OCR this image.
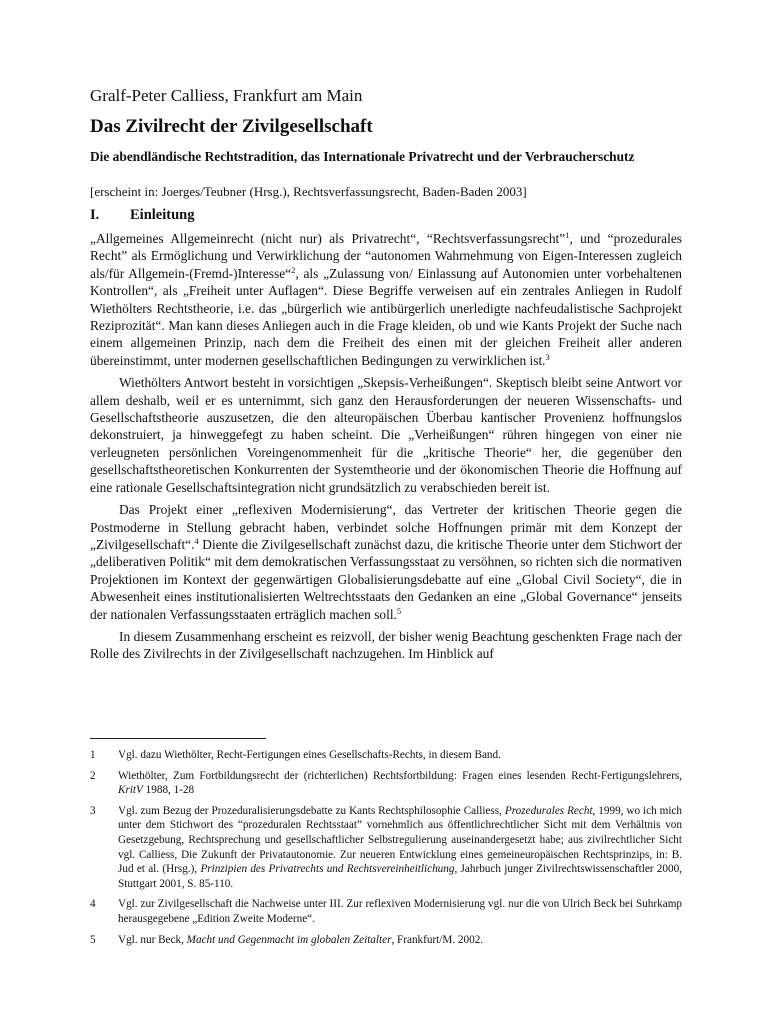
Gralf-Peter Calliess, Frankfurt am Main
Das Zivilrecht der Zivilgesellschaft
Die abendländische Rechtstradition, das Internationale Privatrecht und der Verbraucherschutz
[erscheint in: Joerges/Teubner (Hrsg.), Rechtsverfassungsrecht, Baden-Baden 2003]
I. Einleitung

„Allgemeines Allgemeinrecht (nicht nur) als Privatrecht“, “Rechtsverfassungsrecht”$^1$, und “prozedurales Recht” als Ermöglichung und Verwirklichung der “autonomen Wahrnehmung von Eigen-Interessen zugleich als/für Allgemein-(Fremd-)Interesse“$^2$, als „Zulassung von/ Einlassung auf Autonomien unter vorbehaltenen Kontrollen“, als „Freiheit unter Auflagen“. Diese Begriffe verweisen auf ein zentrales Anliegen in Rudolf Wiethölters Rechtstheorie, i.e. das „bürgerlich wie antibürgerlich unerledigte nachfeudalistische Sachprojekt Reziprozität“. Man kann dieses Anliegen auch in die Frage kleiden, ob und wie Kants Projekt der Suche nach einem allgemeinen Prinzip, nach dem die Freiheit des einen mit der gleichen Freiheit aller anderen übereinstimmt, unter modernen gesellschaftlichen Bedingungen zu verwirklichen ist.$^3$

Wiethölters Antwort besteht in vorsichtigen „Skepsis-Verheißungen“. Skeptisch bleibt seine Antwort vor allem deshalb, weil er es unternimmt, sich ganz den Herausforderungen der neueren Wissenschafts- und Gesellschaftstheorie auszusetzen, die den alteuropäischen Überbau kantischer Provenienz hoffnungslos dekonstruiert, ja hinweggefegt zu haben scheint. Die „Verheißungen“ rühren hingegen von einer nie verleugneten persönlichen Voreingenommenheit für die „kritische Theorie“ her, die gegenüber den gesellschaftstheoretischen Konkurrenten der Systemtheorie und der ökonomischen Theorie die Hoffnung auf eine rationale Gesellschaftsintegration nicht grundsätzlich zu verabschieden bereit ist.

Das Projekt einer „reflexiven Modernisierung“, das Vertreter der kritischen Theorie gegen die Postmoderne in Stellung gebracht haben, verbindet solche Hoffnungen primär mit dem Konzept der „Zivilgesellschaft“.$^4$ Diente die Zivilgesellschaft zunächst dazu, die kritische Theorie unter dem Stichwort der „deliberativen Politik“ mit dem demokratischen Verfassungsstaat zu versöhnen, so richten sich die normativen Projektionen im Kontext der gegenwärtigen Globalisierungsdebatte auf eine „Global Civil Society“, die in Abwesenheit eines institutionalisierten Weltrechtsstaats den Gedanken an eine „Global Governance“ jenseits der nationalen Verfassungsstaaten erträglich machen soll.$^5$

In diesem Zusammenhang erscheint es reizvoll, der bisher wenig Beachtung geschenkten Frage nach der Rolle des Zivilrechts in der Zivilgesellschaft nachzugehen. Im Hinblick auf

1	Vgl. dazu Wiethölter, Recht-Fertigungen eines Gesellschafts-Rechts, in diesem Band.
2	Wiethölter, Zum Fortbildungsrecht der (richterlichen) Rechtsfortbildung: Fragen eines lesenden Recht-Fertigungslehrers, KritV 1988, 1-28
3	Vgl. zum Bezug der Prozeduralisierungsdebatte zu Kants Rechtsphilosophie Calliess, Prozedurales Recht, 1999, wo ich mich unter dem Stichwort des “prozeduralen Rechtsstaat” vornehmlich aus öffentlichrechtlicher Sicht mit dem Verhältnis von Gesetzgebung, Rechtsprechung und gesellschaftlicher Selbstregulierung auseinandergesetzt habe; aus zivilrechtlicher Sicht vgl. Calliess, Die Zukunft der Privatautonomie. Zur neueren Entwicklung eines gemeineuropäischen Rechtsprinzips, in: B. Jud et al. (Hrsg.), Prinzipien des Privatrechts und Rechtsvereinheitlichung, Jahrbuch junger Zivilrechtswissenschaftler 2000, Stuttgart 2001, S. 85-110.
4	Vgl. zur Zivilgesellschaft die Nachweise unter III. Zur reflexiven Modernisierung vgl. nur die von Ulrich Beck bei Suhrkamp herausgegebene „Edition Zweite Moderne“.
5	Vgl. nur Beck, Macht und Gegenmacht im globalen Zeitalter, Frankfurt/M. 2002.
